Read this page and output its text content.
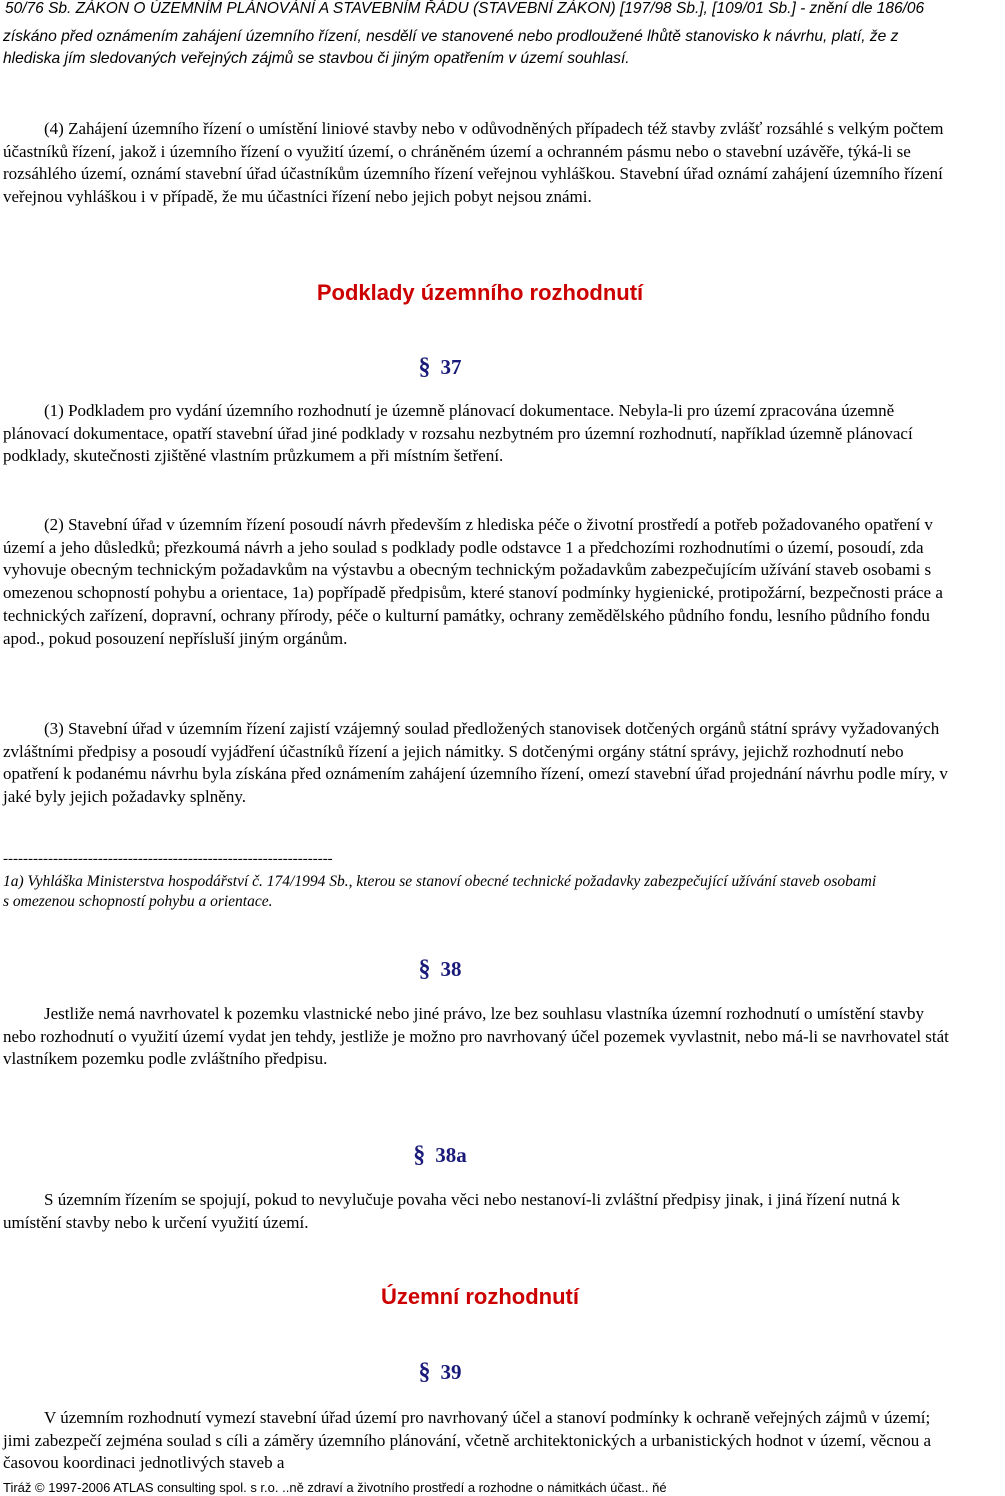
50/76 Sb. ZÁKON O ÚZEMNÍM PLÁNOVÁNÍ A STAVEBNÍM ŘÁDU (STAVEBNÍ ZÁKON) [197/98 Sb.], [109/01 Sb.] - znění dle 186/06
získáno před oznámením zahájení územního řízení, nesdělí ve stanovené nebo prodloužené lhůtě stanovisko k návrhu, platí, že z hlediska jím sledovaných veřejných zájmů se stavbou či jiným opatřením v území souhlasí.

(4) Zahájení územního řízení o umístění liniové stavby nebo v odůvodněných případech též stavby zvlášť rozsáhlé s velkým počtem účastníků řízení, jakož i územního řízení o využití území, o chráněném území a ochranném pásmu nebo o stavební uzávěře, týká-li se rozsáhlého území, oznámí stavební úřad účastníkům územního řízení veřejnou vyhláškou. Stavební úřad oznámí zahájení územního řízení veřejnou vyhláškou i v případě, že mu účastníci řízení nebo jejich pobyt nejsou známi.

Podklady územního rozhodnutí
§ 37

(1) Podkladem pro vydání územního rozhodnutí je územně plánovací dokumentace. Nebyla-li pro území zpracována územně plánovací dokumentace, opatří stavební úřad jiné podklady v rozsahu nezbytném pro územní rozhodnutí, například územně plánovací podklady, skutečnosti zjištěné vlastním průzkumem a při místním šetření.

(2) Stavební úřad v územním řízení posoudí návrh především z hlediska péče o životní prostředí a potřeb požadovaného opatření v území a jeho důsledků; přezkoumá návrh a jeho soulad s podklady podle odstavce 1 a předchozími rozhodnutími o území, posoudí, zda vyhovuje obecným technickým požadavkům na výstavbu a obecným technickým požadavkům zabezpečujícím užívání staveb osobami s omezenou schopností pohybu a orientace, 1a) popřípadě předpisům, které stanoví podmínky hygienické, protipožární, bezpečnosti práce a technických zařízení, dopravní, ochrany přírody, péče o kulturní památky, ochrany zemědělského půdního fondu, lesního půdního fondu apod., pokud posouzení nepřísluší jiným orgánům.

(3) Stavební úřad v územním řízení zajistí vzájemný soulad předložených stanovisek dotčených orgánů státní správy vyžadovaných zvláštními předpisy a posoudí vyjádření účastníků řízení a jejich námitky. S dotčenými orgány státní správy, jejichž rozhodnutí nebo opatření k podanému návrhu byla získána před oznámením zahájení územního řízení, omezí stavební úřad projednání návrhu podle míry, v jaké byly jejich požadavky splněny.

------------------------------------------------------------------
1a) Vyhláška Ministerstva hospodářství č. 174/1994 Sb., kterou se stanoví obecné technické požadavky zabezpečující užívání staveb osobami s omezenou schopností pohybu a orientace.
§ 38

Jestliže nemá navrhovatel k pozemku vlastnické nebo jiné právo, lze bez souhlasu vlastníka územní rozhodnutí o umístění stavby nebo rozhodnutí o využití území vydat jen tehdy, jestliže je možno pro navrhovaný účel pozemek vyvlastnit, nebo má-li se navrhovatel stát vlastníkem pozemku podle zvláštního předpisu.

§ 38a

S územním řízením se spojují, pokud to nevylučuje povaha věci nebo nestanoví-li zvláštní předpisy jinak, i jiná řízení nutná k umístění stavby nebo k určení využití území.

Územní rozhodnutí
§ 39

V územním rozhodnutí vymezí stavební úřad území pro navrhovaný účel a stanoví podmínky k ochraně veřejných zájmů v území; jimi zabezpečí zejména soulad s cíli a záměry územního plánování, včetně architektonických a urbanistických hodnot v území, věcnou a časovou koordinaci jednotlivých staveb a

Tiráž © 1997-2006 ATLAS consulting spol. s r.o. ..ně zdraví a životního prostředí a rozhodne o námitkách účast.. ňé
